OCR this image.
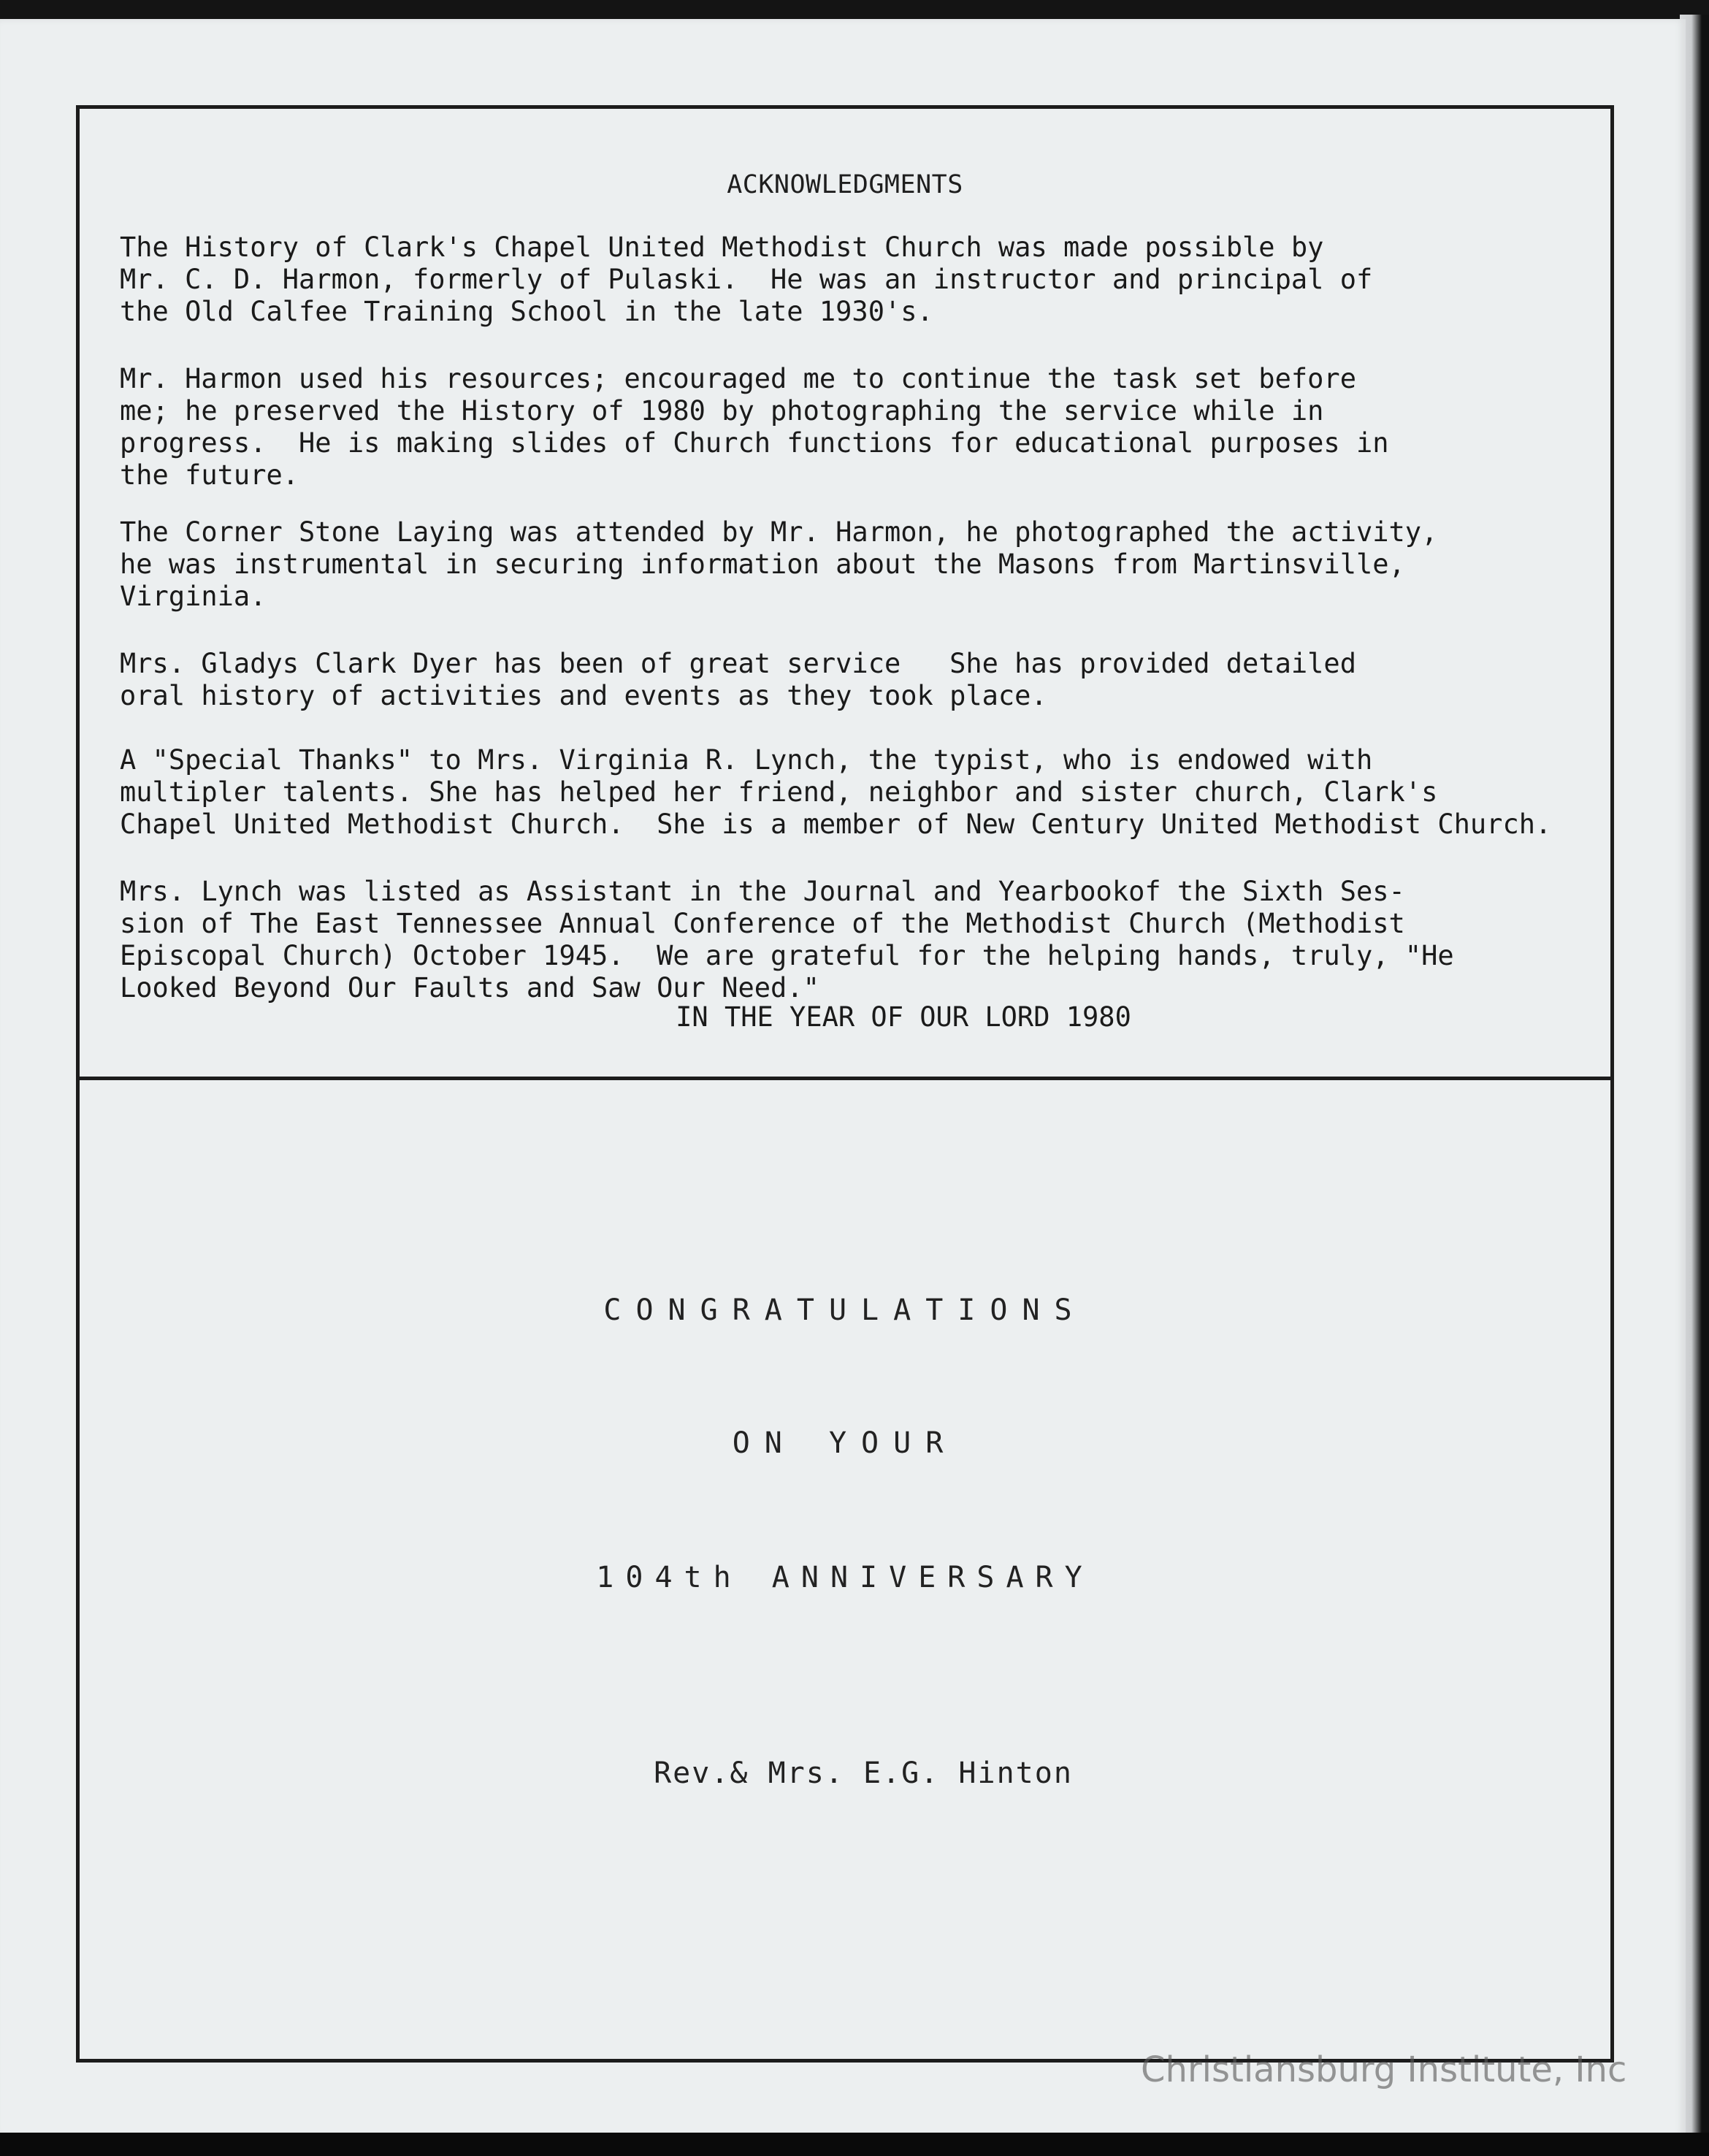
ACKNOWLEDGMENTS

The History of Clark's Chapel United Methodist Church was made possible by
Mr. C. D. Harmon, formerly of Pulaski.  He was an instructor and principal of
the Old Calfee Training School in the late 1930's.

Mr. Harmon used his resources; encouraged me to continue the task set before
me; he preserved the History of 1980 by photographing the service while in
progress.  He is making slides of Church functions for educational purposes in
the future.

The Corner Stone Laying was attended by Mr. Harmon, he photographed the activity,
he was instrumental in securing information about the Masons from Martinsville,
Virginia.

Mrs. Gladys Clark Dyer has been of great service   She has provided detailed
oral history of activities and events as they took place.

A "Special Thanks" to Mrs. Virginia R. Lynch, the typist, who is endowed with
multipler talents. She has helped her friend, neighbor and sister church, Clark's
Chapel United Methodist Church.  She is a member of New Century United Methodist Church.

Mrs. Lynch was listed as Assistant in the Journal and Yearbookof the Sixth Ses-
sion of The East Tennessee Annual Conference of the Methodist Church (Methodist
Episcopal Church) October 1945.  We are grateful for the helping hands, truly, "He
Looked Beyond Our Faults and Saw Our Need."

IN THE YEAR OF OUR LORD 1980
CONGRATULATIONS
ON YOUR
104th ANNIVERSARY
Rev.& Mrs. E.G. Hinton
Christiansburg Institute, Inc
